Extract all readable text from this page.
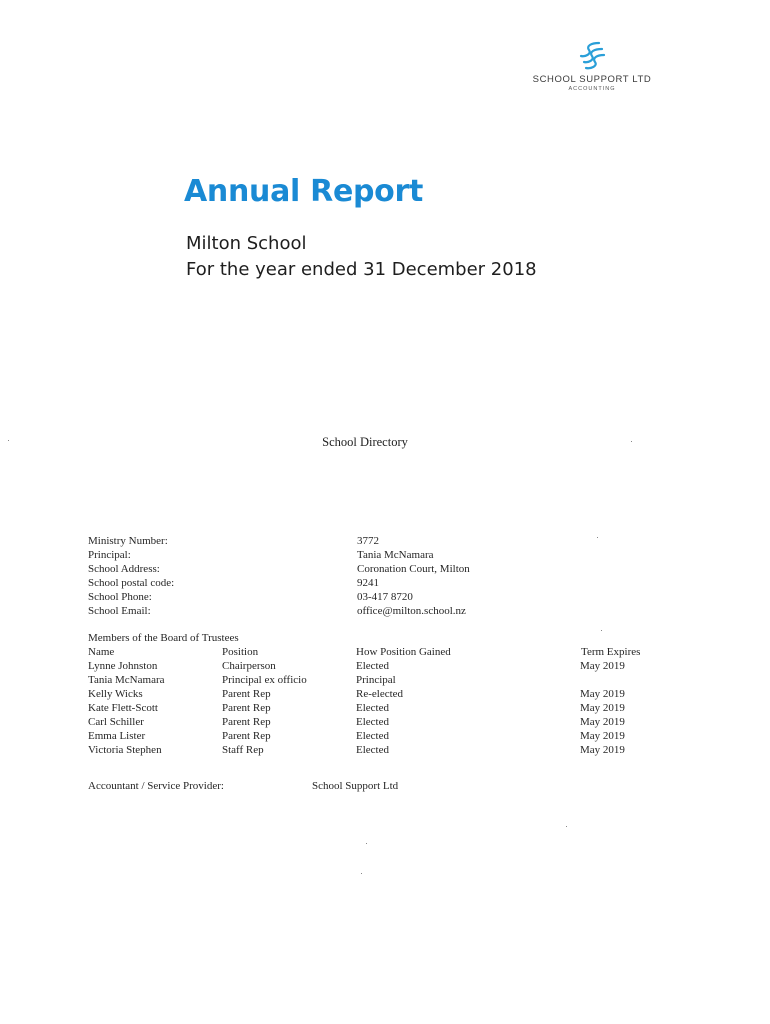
SCHOOL SUPPORT LTD
ACCOUNTING
Annual Report

Milton School

For the year ended 31 December 2018

School Directory

Ministry Number:	3772
Principal:	Tania McNamara
School Address:	Coronation Court, Milton
School postal code:	9241
School Phone:	03-417 8720
School Email:	office@milton.school.nz
Members of the Board of Trustees
Name	Position	How Position Gained	Term Expires
Lynne Johnston	Chairperson	Elected	May 2019
Tania McNamara	Principal ex officio	Principal
Kelly Wicks	Parent Rep	Re-elected	May 2019
Kate Flett-Scott	Parent Rep	Elected	May 2019
Carl Schiller	Parent Rep	Elected	May 2019
Emma Lister	Parent Rep	Elected	May 2019
Victoria Stephen	Staff Rep	Elected	May 2019
Accountant / Service Provider:	School Support Ltd
